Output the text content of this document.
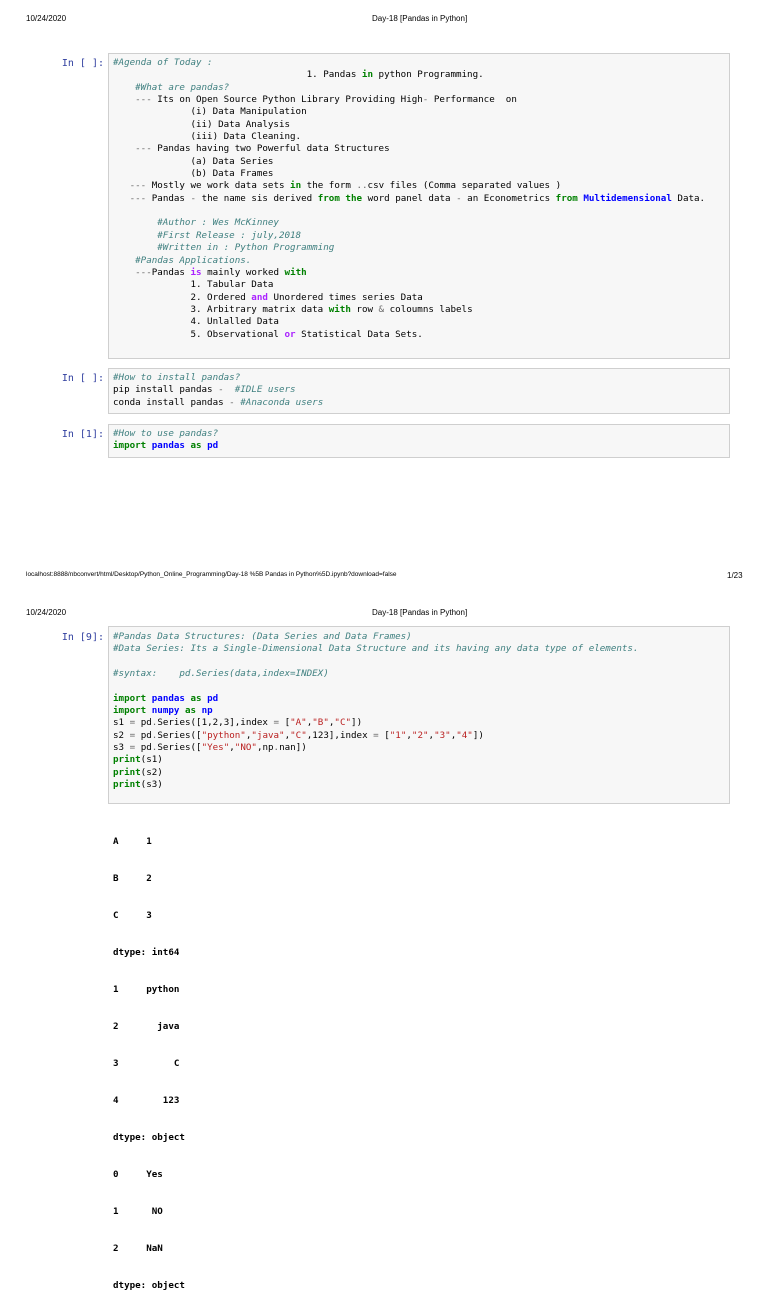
10/24/2020	Day-18 [Pandas in Python]
In [ ]: #Agenda of Today :
1. Pandas in python Programming.
#What are pandas?
--- Its on Open Source Python Library Providing High- Performance  on
(i) Data Manipulation
(ii) Data Analysis
(iii) Data Cleaning.
--- Pandas having two Powerful data Structures
(a) Data Series
(b) Data Frames
--- Mostly we work data sets in the form ..csv files (Comma separated values )
--- Pandas - the name sis derived from the word panel data - an Econometrics from Multidemensional Data.

#Author : Wes McKinney
#First Release : july,2018
#Written in : Python Programming
#Pandas Applications.
---Pandas is mainly worked with
1. Tabular Data
2. Ordered and Unordered times series Data
3. Arbitrary matrix data with row & coloumns labels
4. Unlalled Data
5. Observational or Statistical Data Sets.
In [ ]: #How to install pandas?
pip install pandas - #IDLE users
conda install pandas - #Anaconda users
In [1]: #How to use pandas?
import pandas as pd
localhost:8888/nbconvert/html/Desktop/Python_Online_Programming/Day-18 %5B Pandas in Python%5D.ipynb?download=false	1/23
10/24/2020	Day-18 [Pandas in Python]
In [9]: #Pandas Data Structures: (Data Series and Data Frames)
#Data Series: Its a Single-Dimensional Data Structure and its having any data type of elements.

#syntax:    pd.Series(data,index=INDEX)

import pandas as pd
import numpy as np
s1 = pd.Series([1,2,3],index = ["A","B","C"])
s2 = pd.Series(["python","java","C",123],index = ["1","2","3","4"])
s3 = pd.Series(["Yes","NO",np.nan])
print(s1)
print(s2)
print(s3)

A     1

B     2

C     3

dtype: int64

1     python

2       java

3          C

4        123

dtype: object

0     Yes

1      NO

2     NaN

dtype: object
